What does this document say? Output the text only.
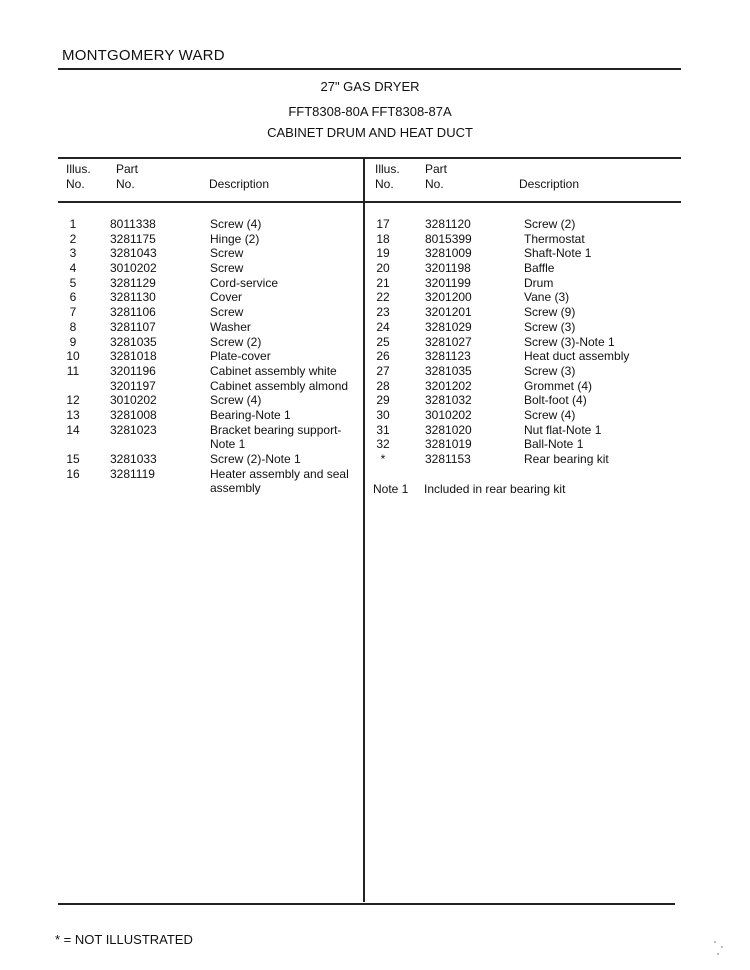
MONTGOMERY WARD
27" GAS DRYER
FFT8308-80A FFT8308-87A
CABINET DRUM AND HEAT DUCT
Illus.
No.
Part
No.	Description
Illus.
No.
Part
No.	Description
1	8011338	Screw (4)
2	3281175	Hinge (2)
3	3281043	Screw
4	3010202	Screw
5	3281129	Cord-service
6	3281130	Cover
7	3281106	Screw
8	3281107	Washer
9	3281035	Screw (2)
10	3281018	Plate-cover
11	3201196	Cabinet assembly white
3201197	Cabinet assembly almond
12	3010202	Screw (4)
13	3281008	Bearing-Note 1
14	3281023	Bracket bearing support-
Note 1
15	3281033	Screw (2)-Note 1
16	3281119	Heater assembly and seal
assembly
17	3281120	Screw (2)
18	8015399	Thermostat
19	3281009	Shaft-Note 1
20	3201198	Baffle
21	3201199	Drum
22	3201200	Vane (3)
23	3201201	Screw (9)
24	3281029	Screw (3)
25	3281027	Screw (3)-Note 1
26	3281123	Heat duct assembly
27	3281035	Screw (3)
28	3201202	Grommet (4)
29	3281032	Bolt-foot (4)
30	3010202	Screw (4)
31	3281020	Nut flat-Note 1
32	3281019	Ball-Note 1
*	3281153	Rear bearing kit
Note 1 Included in rear bearing kit
* = NOT ILLUSTRATED
